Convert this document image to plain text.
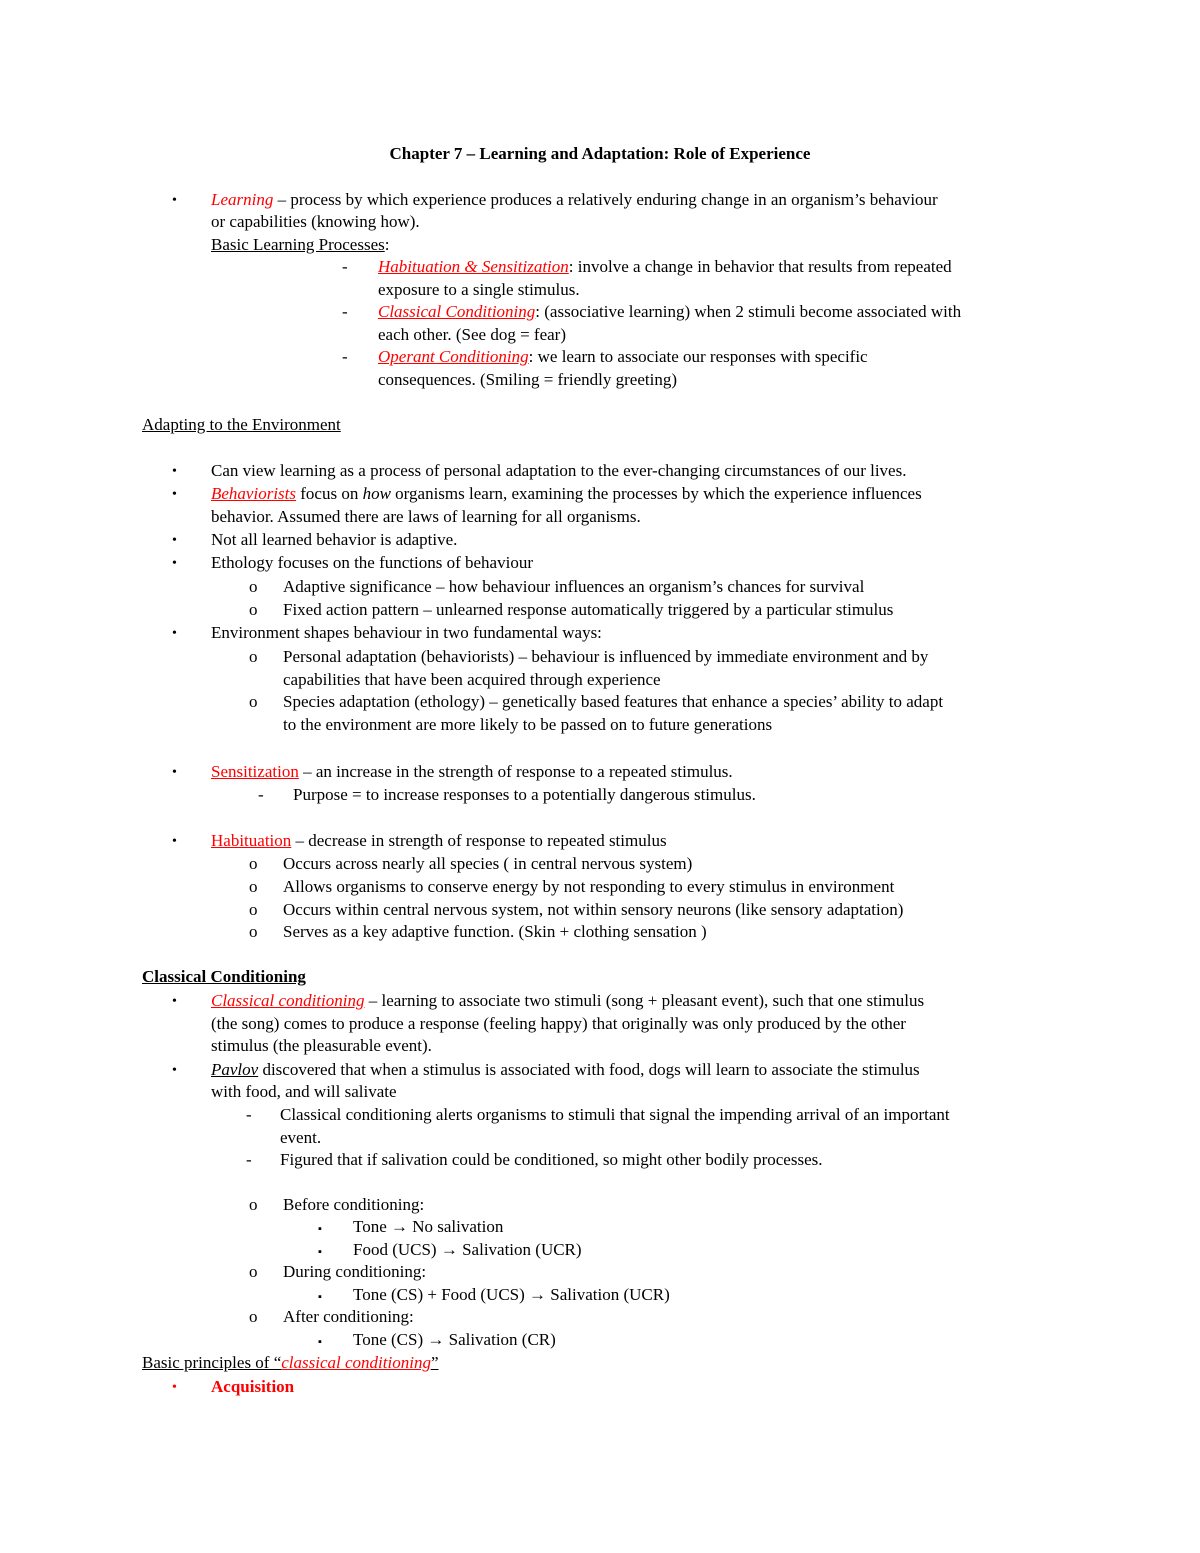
Chapter 7 – Learning and Adaptation: Role of Experience
• Learning – process by which experience produces a relatively enduring change in an organism’s behaviour
or capabilities (knowing how).
Basic Learning Processes:
- Habituation & Sensitization: involve a change in behavior that results from repeated
exposure to a single stimulus.
- Classical Conditioning: (associative learning) when 2 stimuli become associated with
each other. (See dog = fear)
- Operant Conditioning: we learn to associate our responses with specific
consequences. (Smiling = friendly greeting)
Adapting to the Environment
• Can view learning as a process of personal adaptation to the ever-changing circumstances of our lives.
• Behaviorists focus on how organisms learn, examining the processes by which the experience influences
behavior. Assumed there are laws of learning for all organisms.
• Not all learned behavior is adaptive.
• Ethology focuses on the functions of behaviour
o Adaptive significance – how behaviour influences an organism’s chances for survival
o Fixed action pattern – unlearned response automatically triggered by a particular stimulus
• Environment shapes behaviour in two fundamental ways:
o Personal adaptation (behaviorists) – behaviour is influenced by immediate environment and by
capabilities that have been acquired through experience
o Species adaptation (ethology) – genetically based features that enhance a species’ ability to adapt
to the environment are more likely to be passed on to future generations
• Sensitization – an increase in the strength of response to a repeated stimulus.
- Purpose = to increase responses to a potentially dangerous stimulus.
• Habituation – decrease in strength of response to repeated stimulus
o Occurs across nearly all species ( in central nervous system)
o Allows organisms to conserve energy by not responding to every stimulus in environment
o Occurs within central nervous system, not within sensory neurons (like sensory adaptation)
o Serves as a key adaptive function. (Skin + clothing sensation )
Classical Conditioning
• Classical conditioning – learning to associate two stimuli (song + pleasant event), such that one stimulus
(the song) comes to produce a response (feeling happy) that originally was only produced by the other
stimulus (the pleasurable event).
• Pavlov discovered that when a stimulus is associated with food, dogs will learn to associate the stimulus
with food, and will salivate
- Classical conditioning alerts organisms to stimuli that signal the impending arrival of an important
event.
- Figured that if salivation could be conditioned, so might other bodily processes.
o Before conditioning:
▪ Tone → No salivation
▪ Food (UCS) → Salivation (UCR)
o During conditioning:
▪ Tone (CS) + Food (UCS) → Salivation (UCR)
o After conditioning:
▪ Tone (CS) → Salivation (CR)
Basic principles of “classical conditioning”
• Acquisition
